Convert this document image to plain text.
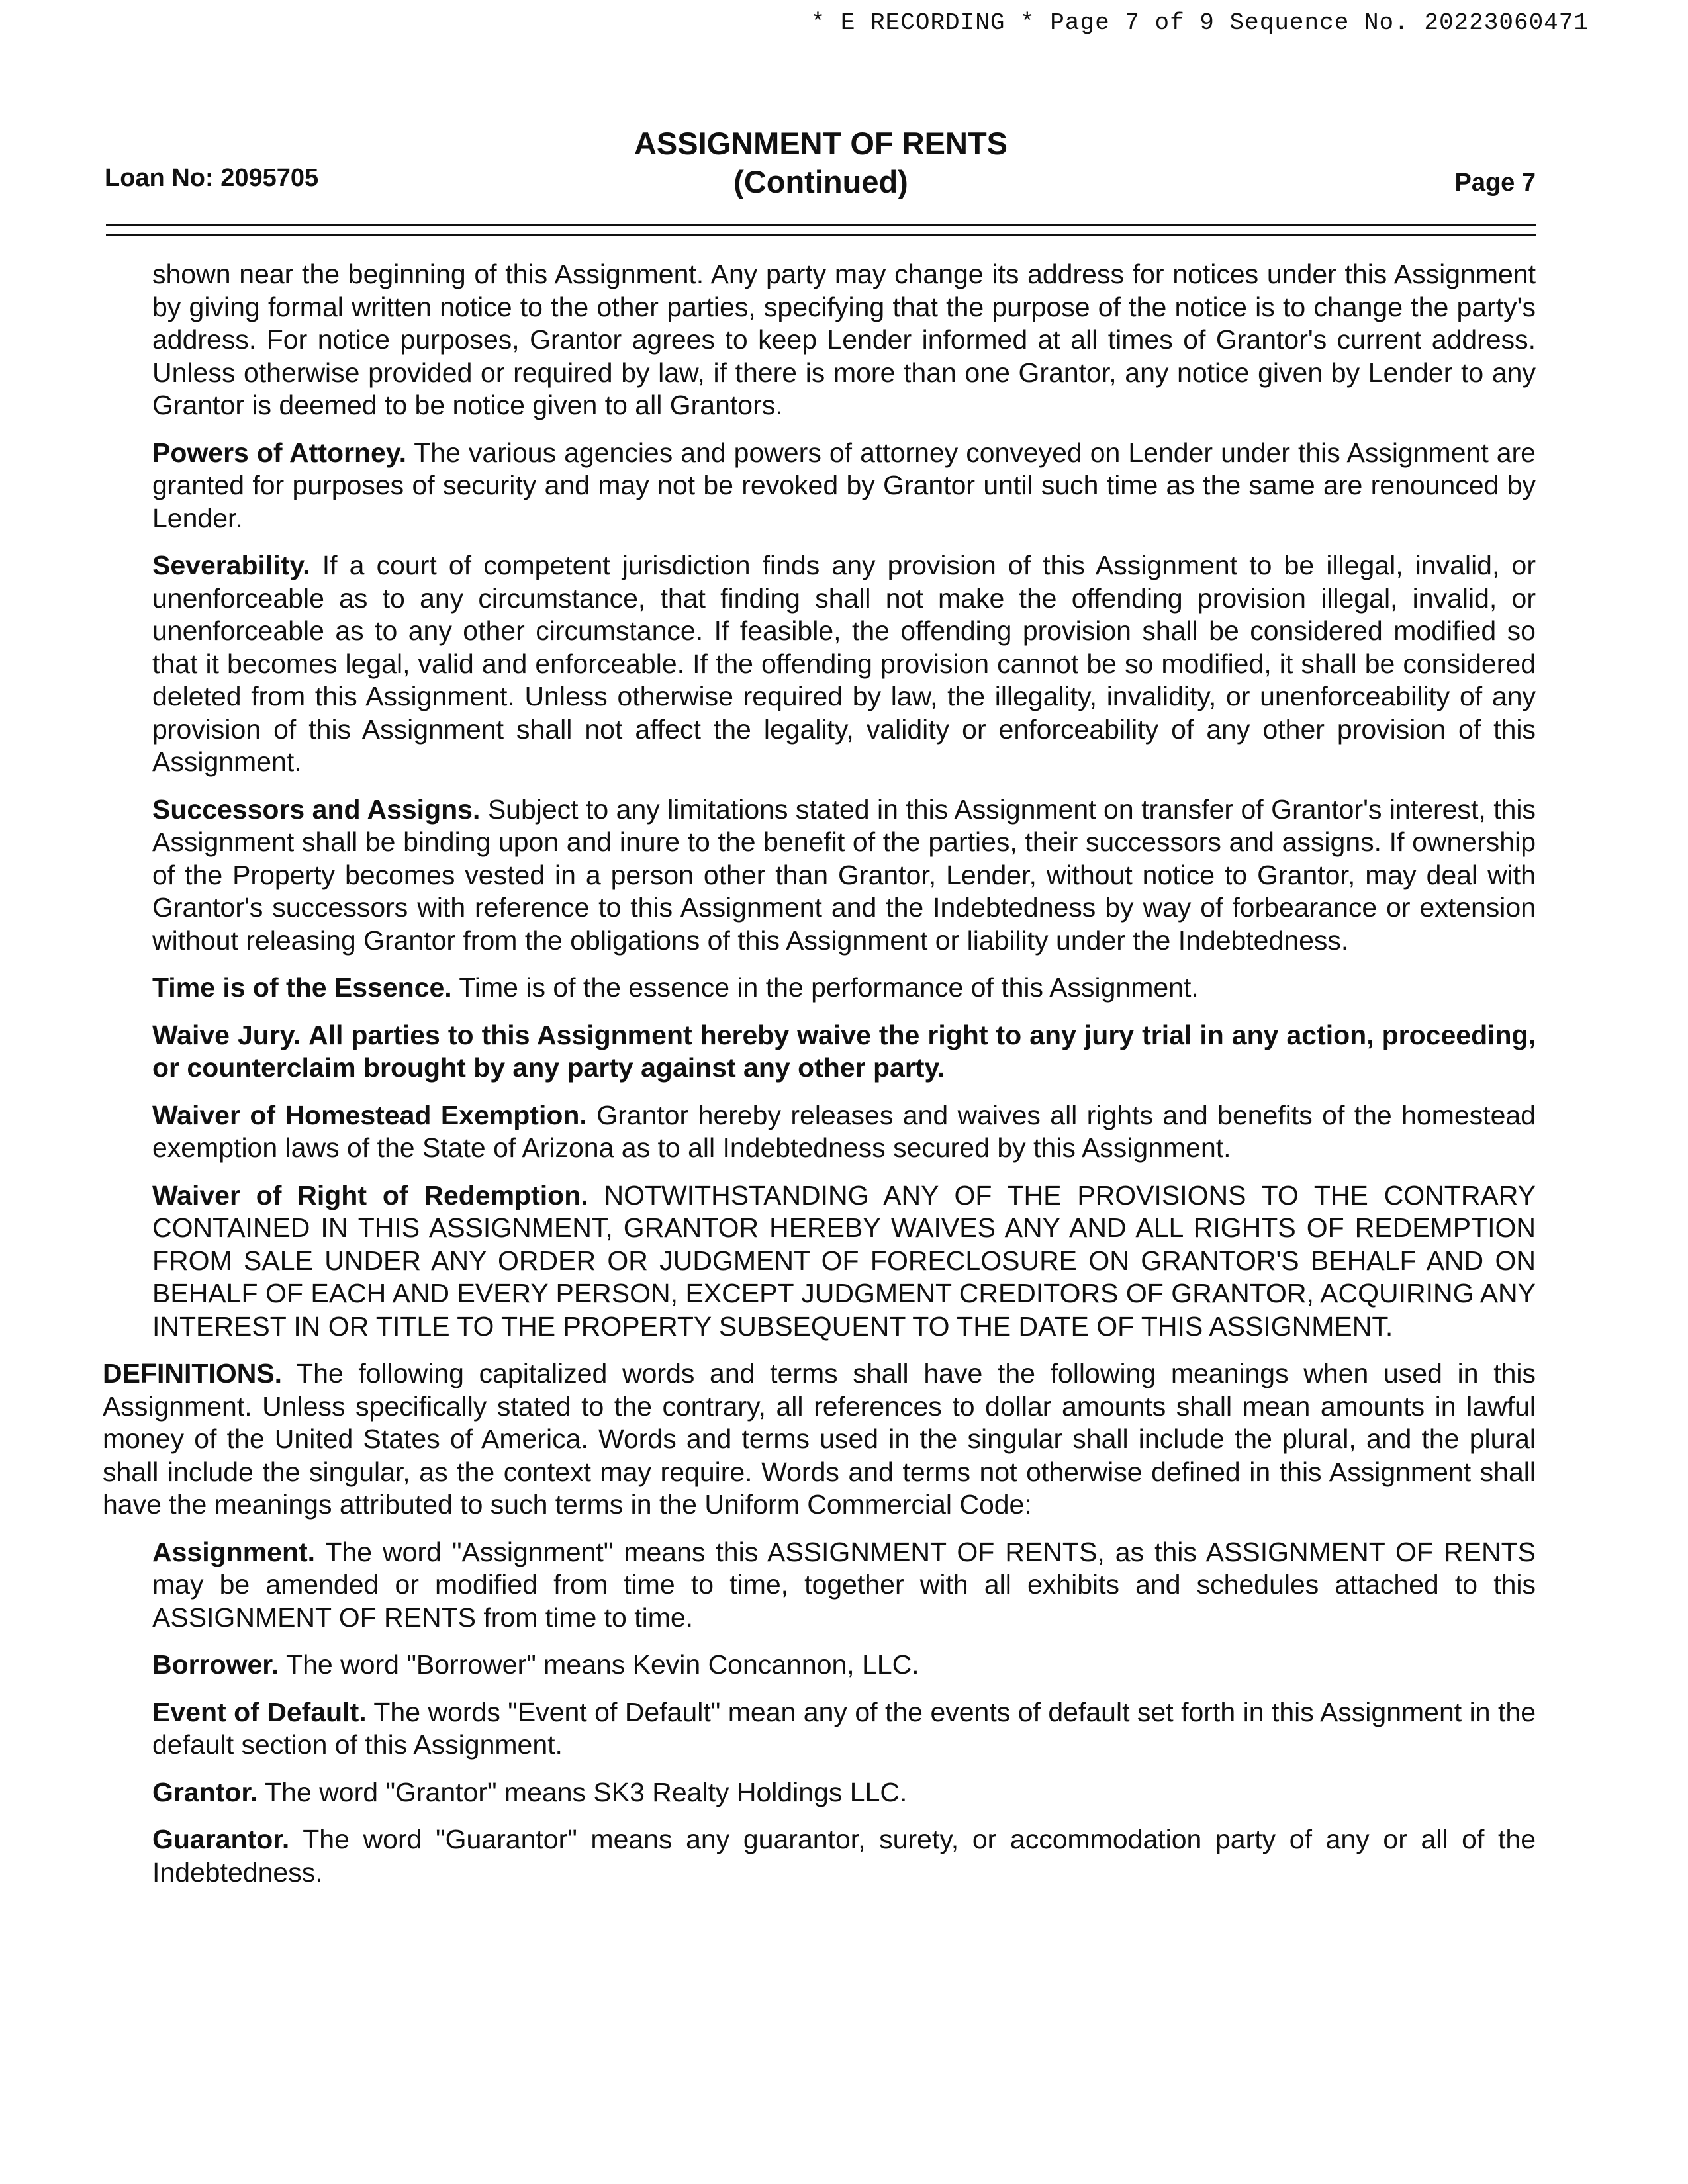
* E RECORDING * Page 7 of 9 Sequence No. 20223060471
ASSIGNMENT OF RENTS
(Continued)
Loan No: 2095705	Page 7

shown near the beginning of this Assignment. Any party may change its address for notices under this Assignment by giving formal written notice to the other parties, specifying that the purpose of the notice is to change the party's address. For notice purposes, Grantor agrees to keep Lender informed at all times of Grantor's current address. Unless otherwise provided or required by law, if there is more than one Grantor, any notice given by Lender to any Grantor is deemed to be notice given to all Grantors.

Powers of Attorney. The various agencies and powers of attorney conveyed on Lender under this Assignment are granted for purposes of security and may not be revoked by Grantor until such time as the same are renounced by Lender.

Severability. If a court of competent jurisdiction finds any provision of this Assignment to be illegal, invalid, or unenforceable as to any circumstance, that finding shall not make the offending provision illegal, invalid, or unenforceable as to any other circumstance. If feasible, the offending provision shall be considered modified so that it becomes legal, valid and enforceable. If the offending provision cannot be so modified, it shall be considered deleted from this Assignment. Unless otherwise required by law, the illegality, invalidity, or unenforceability of any provision of this Assignment shall not affect the legality, validity or enforceability of any other provision of this Assignment.

Successors and Assigns. Subject to any limitations stated in this Assignment on transfer of Grantor's interest, this Assignment shall be binding upon and inure to the benefit of the parties, their successors and assigns. If ownership of the Property becomes vested in a person other than Grantor, Lender, without notice to Grantor, may deal with Grantor's successors with reference to this Assignment and the Indebtedness by way of forbearance or extension without releasing Grantor from the obligations of this Assignment or liability under the Indebtedness.

Time is of the Essence. Time is of the essence in the performance of this Assignment.

Waive Jury. All parties to this Assignment hereby waive the right to any jury trial in any action, proceeding, or counterclaim brought by any party against any other party.

Waiver of Homestead Exemption. Grantor hereby releases and waives all rights and benefits of the homestead exemption laws of the State of Arizona as to all Indebtedness secured by this Assignment.

Waiver of Right of Redemption. NOTWITHSTANDING ANY OF THE PROVISIONS TO THE CONTRARY CONTAINED IN THIS ASSIGNMENT, GRANTOR HEREBY WAIVES ANY AND ALL RIGHTS OF REDEMPTION FROM SALE UNDER ANY ORDER OR JUDGMENT OF FORECLOSURE ON GRANTOR'S BEHALF AND ON BEHALF OF EACH AND EVERY PERSON, EXCEPT JUDGMENT CREDITORS OF GRANTOR, ACQUIRING ANY INTEREST IN OR TITLE TO THE PROPERTY SUBSEQUENT TO THE DATE OF THIS ASSIGNMENT.

DEFINITIONS. The following capitalized words and terms shall have the following meanings when used in this Assignment. Unless specifically stated to the contrary, all references to dollar amounts shall mean amounts in lawful money of the United States of America. Words and terms used in the singular shall include the plural, and the plural shall include the singular, as the context may require. Words and terms not otherwise defined in this Assignment shall have the meanings attributed to such terms in the Uniform Commercial Code:

Assignment. The word "Assignment" means this ASSIGNMENT OF RENTS, as this ASSIGNMENT OF RENTS may be amended or modified from time to time, together with all exhibits and schedules attached to this ASSIGNMENT OF RENTS from time to time.

Borrower. The word "Borrower" means Kevin Concannon, LLC.

Event of Default. The words "Event of Default" mean any of the events of default set forth in this Assignment in the default section of this Assignment.

Grantor. The word "Grantor" means SK3 Realty Holdings LLC.

Guarantor. The word "Guarantor" means any guarantor, surety, or accommodation party of any or all of the Indebtedness.
